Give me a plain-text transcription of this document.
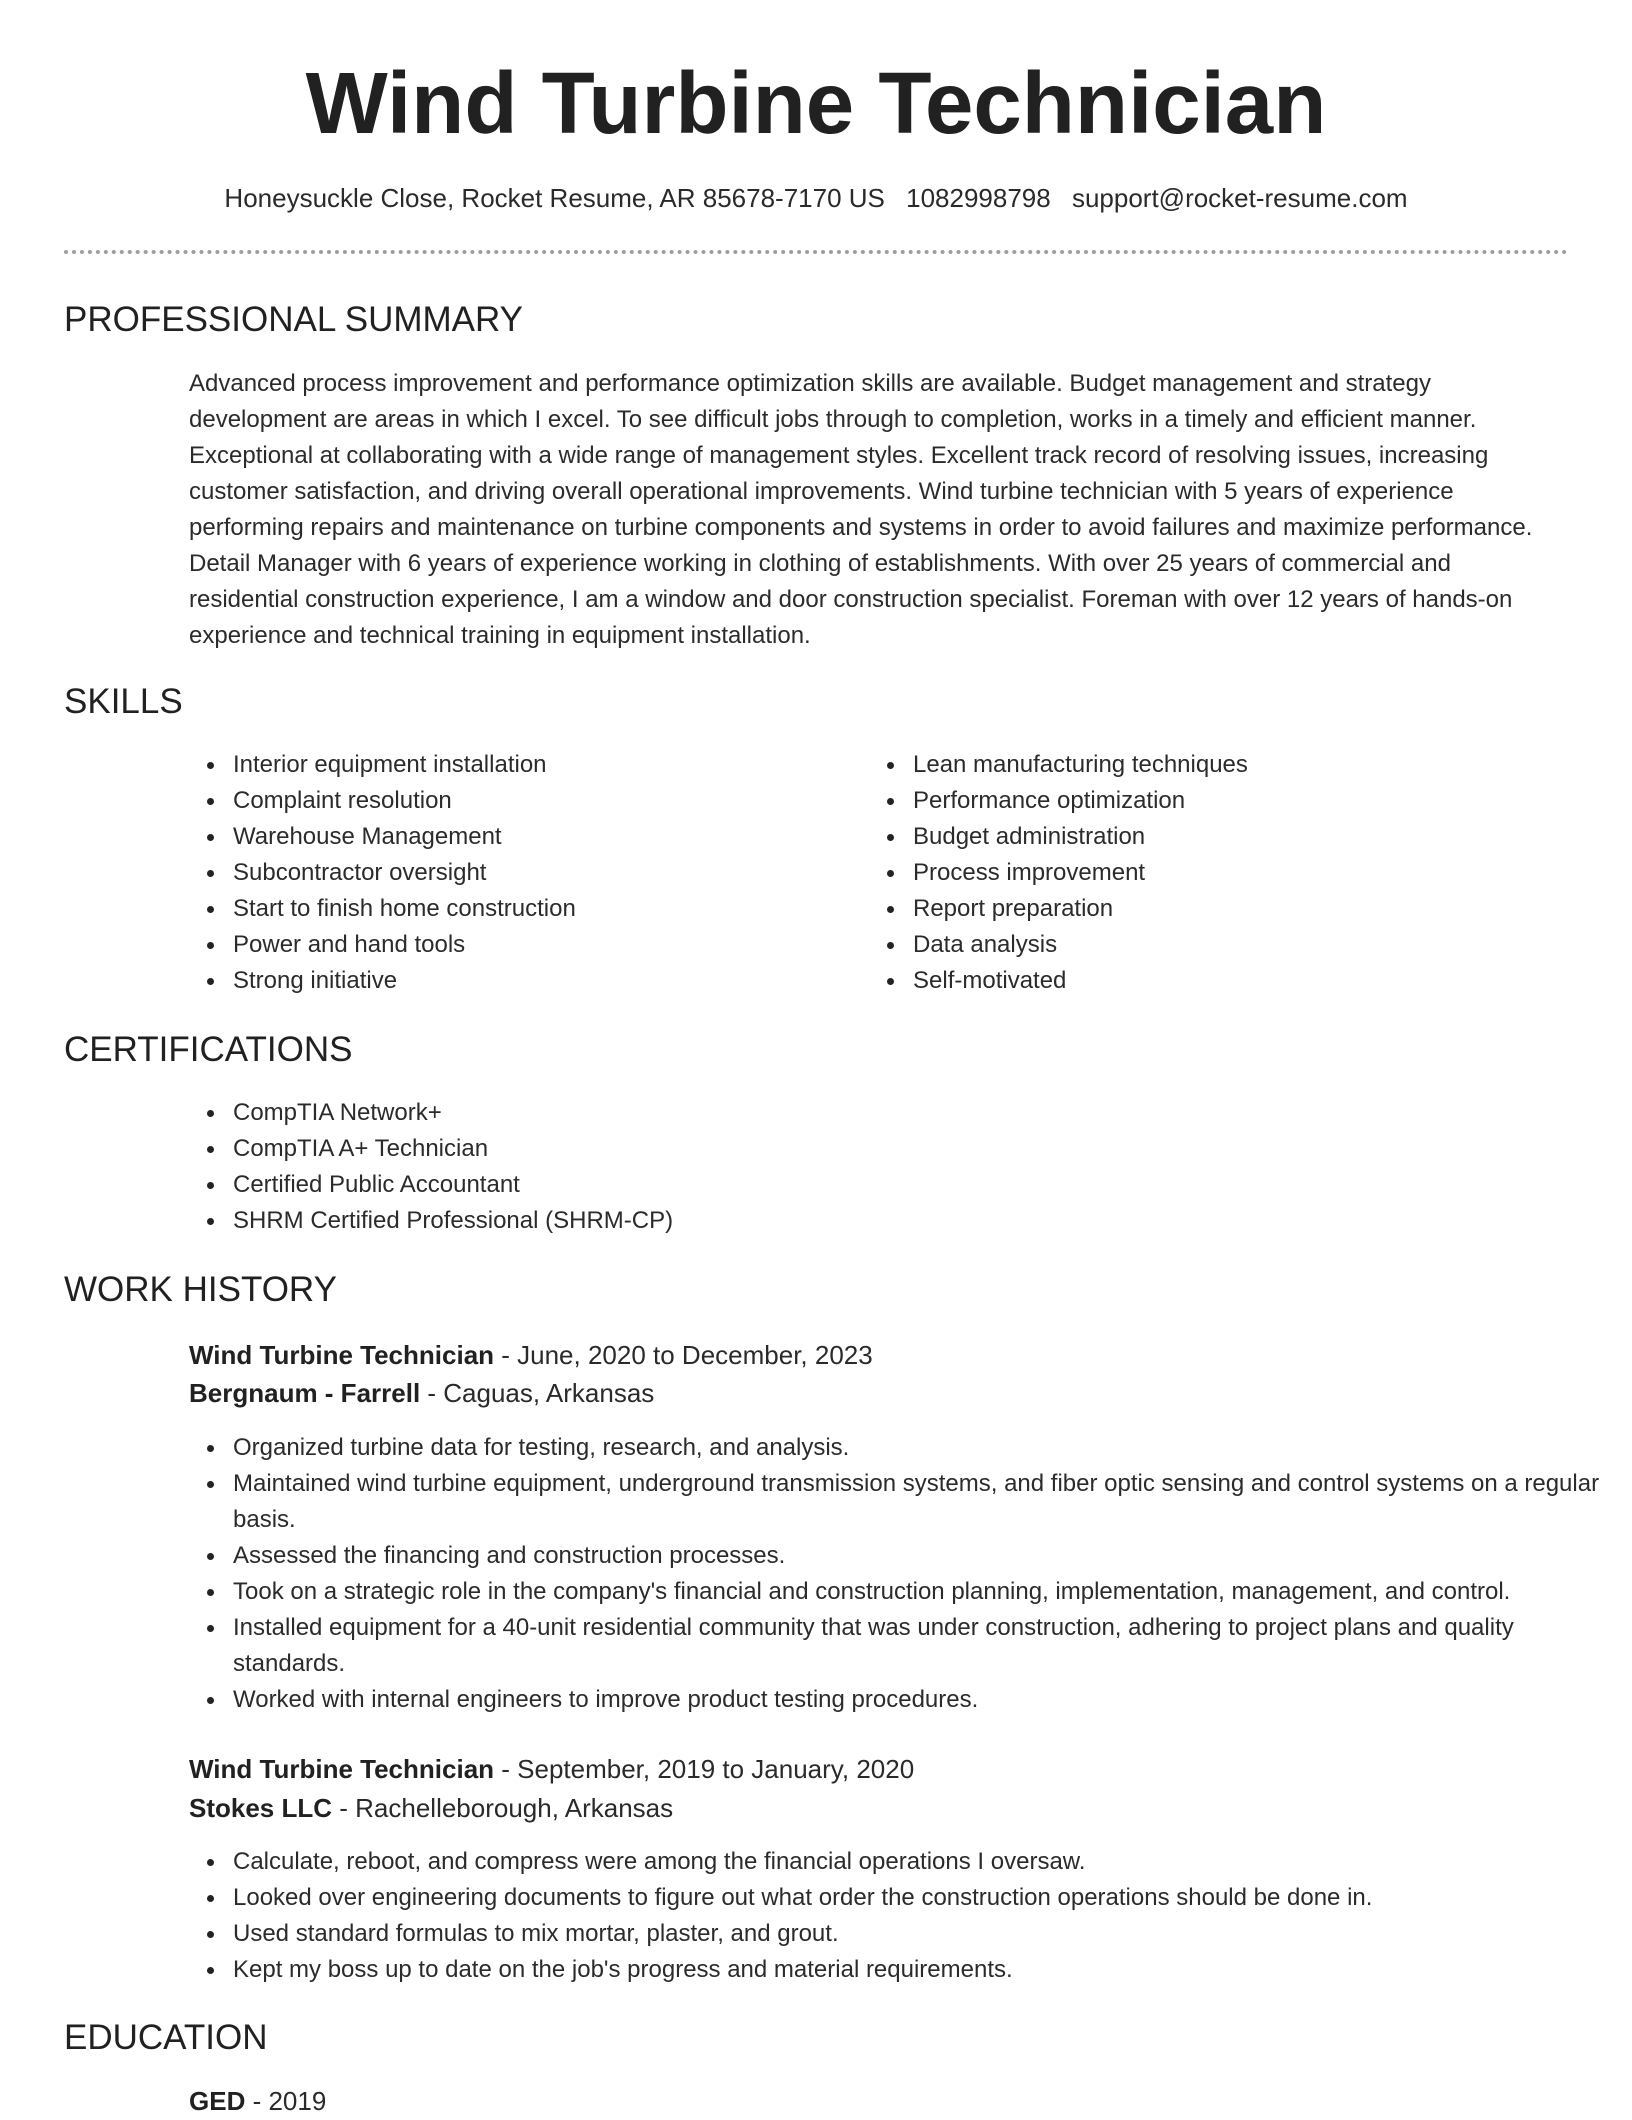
Wind Turbine Technician
Honeysuckle Close, Rocket Resume, AR 85678-7170 US 1082998798 support@rocket-resume.com
PROFESSIONAL SUMMARY

Advanced process improvement and performance optimization skills are available. Budget management and strategy development are areas in which I excel. To see difficult jobs through to completion, works in a timely and efficient manner. Exceptional at collaborating with a wide range of management styles. Excellent track record of resolving issues, increasing customer satisfaction, and driving overall operational improvements. Wind turbine technician with 5 years of experience performing repairs and maintenance on turbine components and systems in order to avoid failures and maximize performance. Detail Manager with 6 years of experience working in clothing of establishments. With over 25 years of commercial and residential construction experience, I am a window and door construction specialist. Foreman with over 12 years of hands-on experience and technical training in equipment installation.

SKILLS
Interior equipment installation
Complaint resolution
Warehouse Management
Subcontractor oversight
Start to finish home construction
Power and hand tools
Strong initiative
Lean manufacturing techniques
Performance optimization
Budget administration
Process improvement
Report preparation
Data analysis
Self-motivated
CERTIFICATIONS
CompTIA Network+
CompTIA A+ Technician
Certified Public Accountant
SHRM Certified Professional (SHRM-CP)
WORK HISTORY
Wind Turbine Technician - June, 2020 to December, 2023
Bergnaum - Farrell - Caguas, Arkansas
Organized turbine data for testing, research, and analysis.
Maintained wind turbine equipment, underground transmission systems, and fiber optic sensing and control systems on a regular basis.
Assessed the financing and construction processes.
Took on a strategic role in the company's financial and construction planning, implementation, management, and control.
Installed equipment for a 40-unit residential community that was under construction, adhering to project plans and quality standards.
Worked with internal engineers to improve product testing procedures.
Wind Turbine Technician - September, 2019 to January, 2020
Stokes LLC - Rachelleborough, Arkansas
Calculate, reboot, and compress were among the financial operations I oversaw.
Looked over engineering documents to figure out what order the construction operations should be done in.
Used standard formulas to mix mortar, plaster, and grout.
Kept my boss up to date on the job's progress and material requirements.
EDUCATION
GED - 2019
